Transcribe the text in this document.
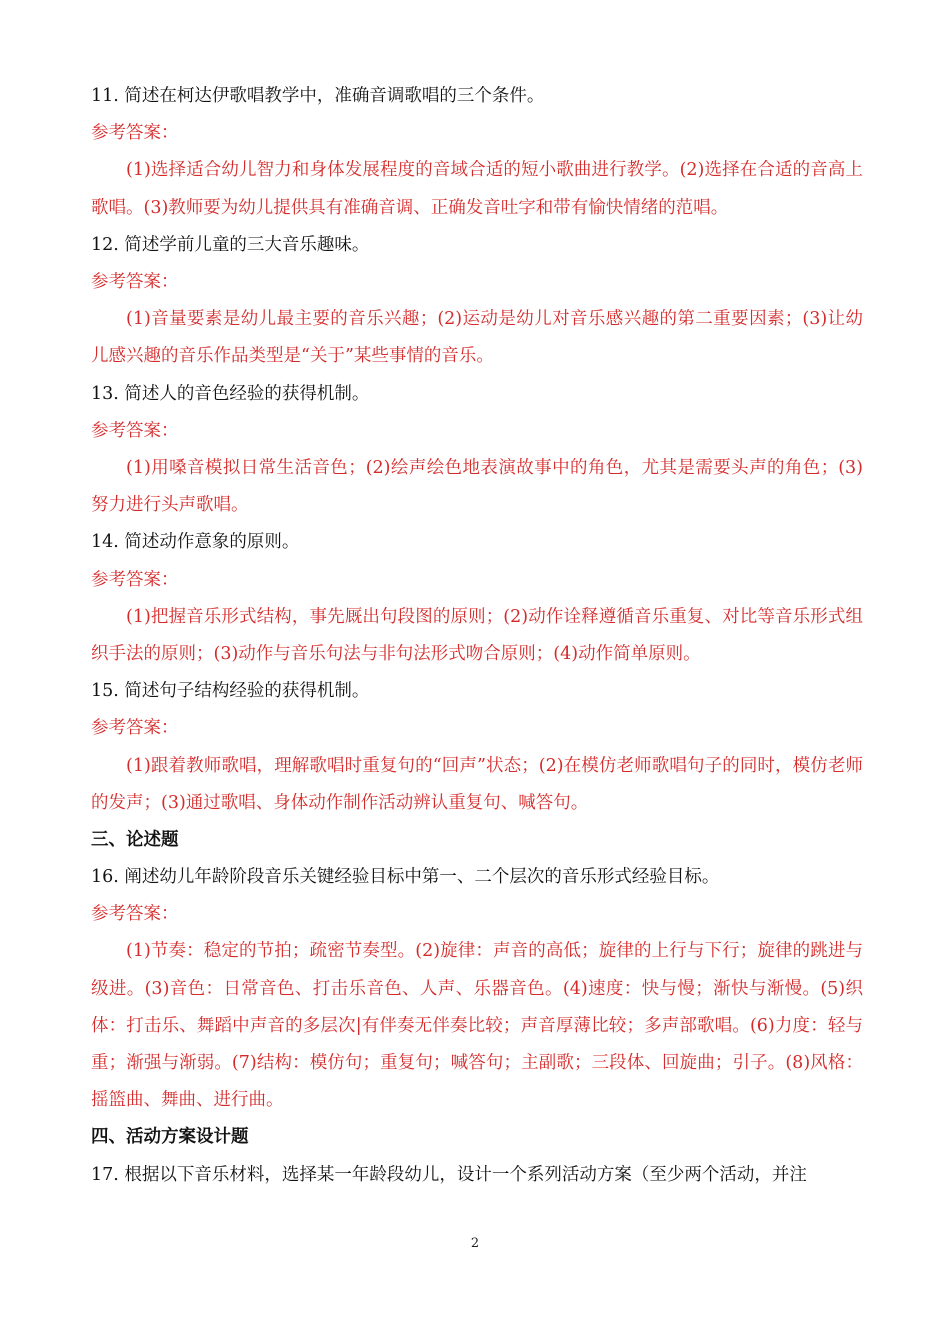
11. 简述在柯达伊歌唱教学中，准确音调歌唱的三个条件。
参考答案：
(1)选择适合幼儿智力和身体发展程度的音域合适的短小歌曲进行教学。(2)选择在合适的音高上歌唱。(3)教师要为幼儿提供具有准确音调、正确发音吐字和带有愉快情绪的范唱。
12. 简述学前儿童的三大音乐趣味。
参考答案：
(1)音量要素是幼儿最主要的音乐兴趣；(2)运动是幼儿对音乐感兴趣的第二重要因素；(3)让幼儿感兴趣的音乐作品类型是“关于”某些事情的音乐。
13. 简述人的音色经验的获得机制。
参考答案：
(1)用嗓音模拟日常生活音色；(2)绘声绘色地表演故事中的角色，尤其是需要头声的角色；(3)努力进行头声歌唱。
14. 简述动作意象的原则。
参考答案：
(1)把握音乐形式结构，事先厩出句段图的原则；(2)动作诠释遵循音乐重复、对比等音乐形式组织手法的原则；(3)动作与音乐句法与非句法形式吻合原则；(4)动作简单原则。
15. 简述句子结构经验的获得机制。
参考答案：
(1)跟着教师歌唱，理解歌唱时重复句的“回声”状态；(2)在模仿老师歌唱句子的同时，模仿老师的发声；(3)通过歌唱、身体动作制作活动辨认重复句、喊答句。
三、论述题
16. 阐述幼儿年龄阶段音乐关键经验目标中第一、二个层次的音乐形式经验目标。
参考答案：
(1)节奏：稳定的节拍；疏密节奏型。(2)旋律：声音的高低；旋律的上行与下行；旋律的跳进与级进。(3)音色：日常音色、打击乐音色、人声、乐器音色。(4)速度：快与慢；渐快与渐慢。(5)织体：打击乐、舞蹈中声音的多层次|有伴奏无伴奏比较；声音厚薄比较；多声部歌唱。(6)力度：轻与重；渐强与渐弱。(7)结构：模仿句；重复句；喊答句；主副歌；三段体、回旋曲；引子。(8)风格：摇篮曲、舞曲、进行曲。
四、活动方案设计题
17. 根据以下音乐材料，选择某一年龄段幼儿，设计一个系列活动方案（至少两个活动，并注
2
